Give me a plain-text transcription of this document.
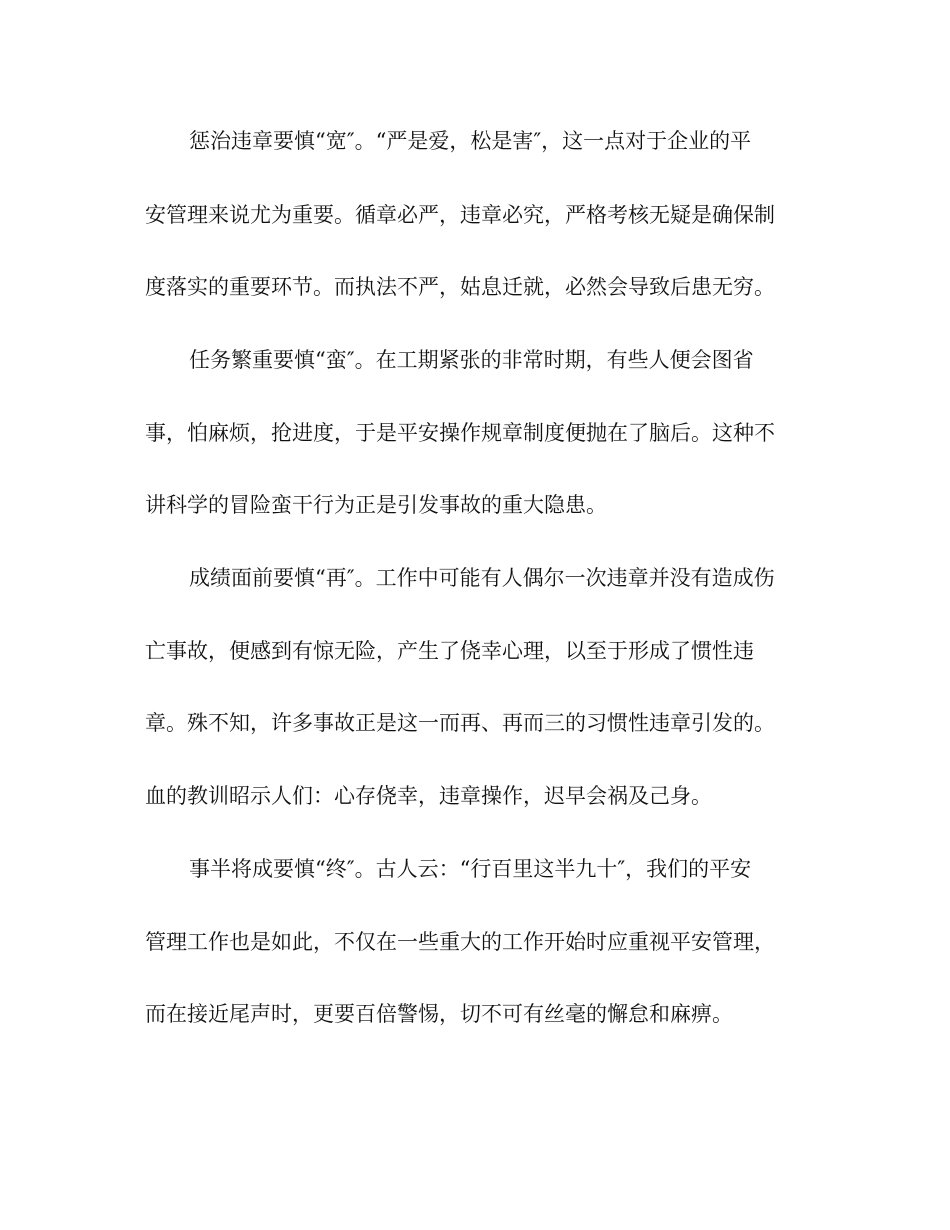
惩治违章要慎“宽″。“严是爱，松是害″，这一点对于企业的平

安管理来说尤为重要。循章必严，违章必究，严格考核无疑是确保制

度落实的重要环节。而执法不严，姑息迁就，必然会导致后患无穷。

任务繁重要慎“蛮″。在工期紧张的非常时期，有些人便会图省

事，怕麻烦，抢进度，于是平安操作规章制度便抛在了脑后。这种不

讲科学的冒险蛮干行为正是引发事故的重大隐患。

成绩面前要慎“再″。工作中可能有人偶尔一次违章并没有造成伤

亡事故，便感到有惊无险，产生了侥幸心理，以至于形成了惯性违

章。殊不知，许多事故正是这一而再、再而三的习惯性违章引发的。

血的教训昭示人们：心存侥幸，违章操作，迟早会祸及己身。

事半将成要慎“终″。古人云：“行百里这半九十″，我们的平安

管理工作也是如此，不仅在一些重大的工作开始时应重视平安管理，

而在接近尾声时，更要百倍警惕，切不可有丝毫的懈怠和麻痹。
